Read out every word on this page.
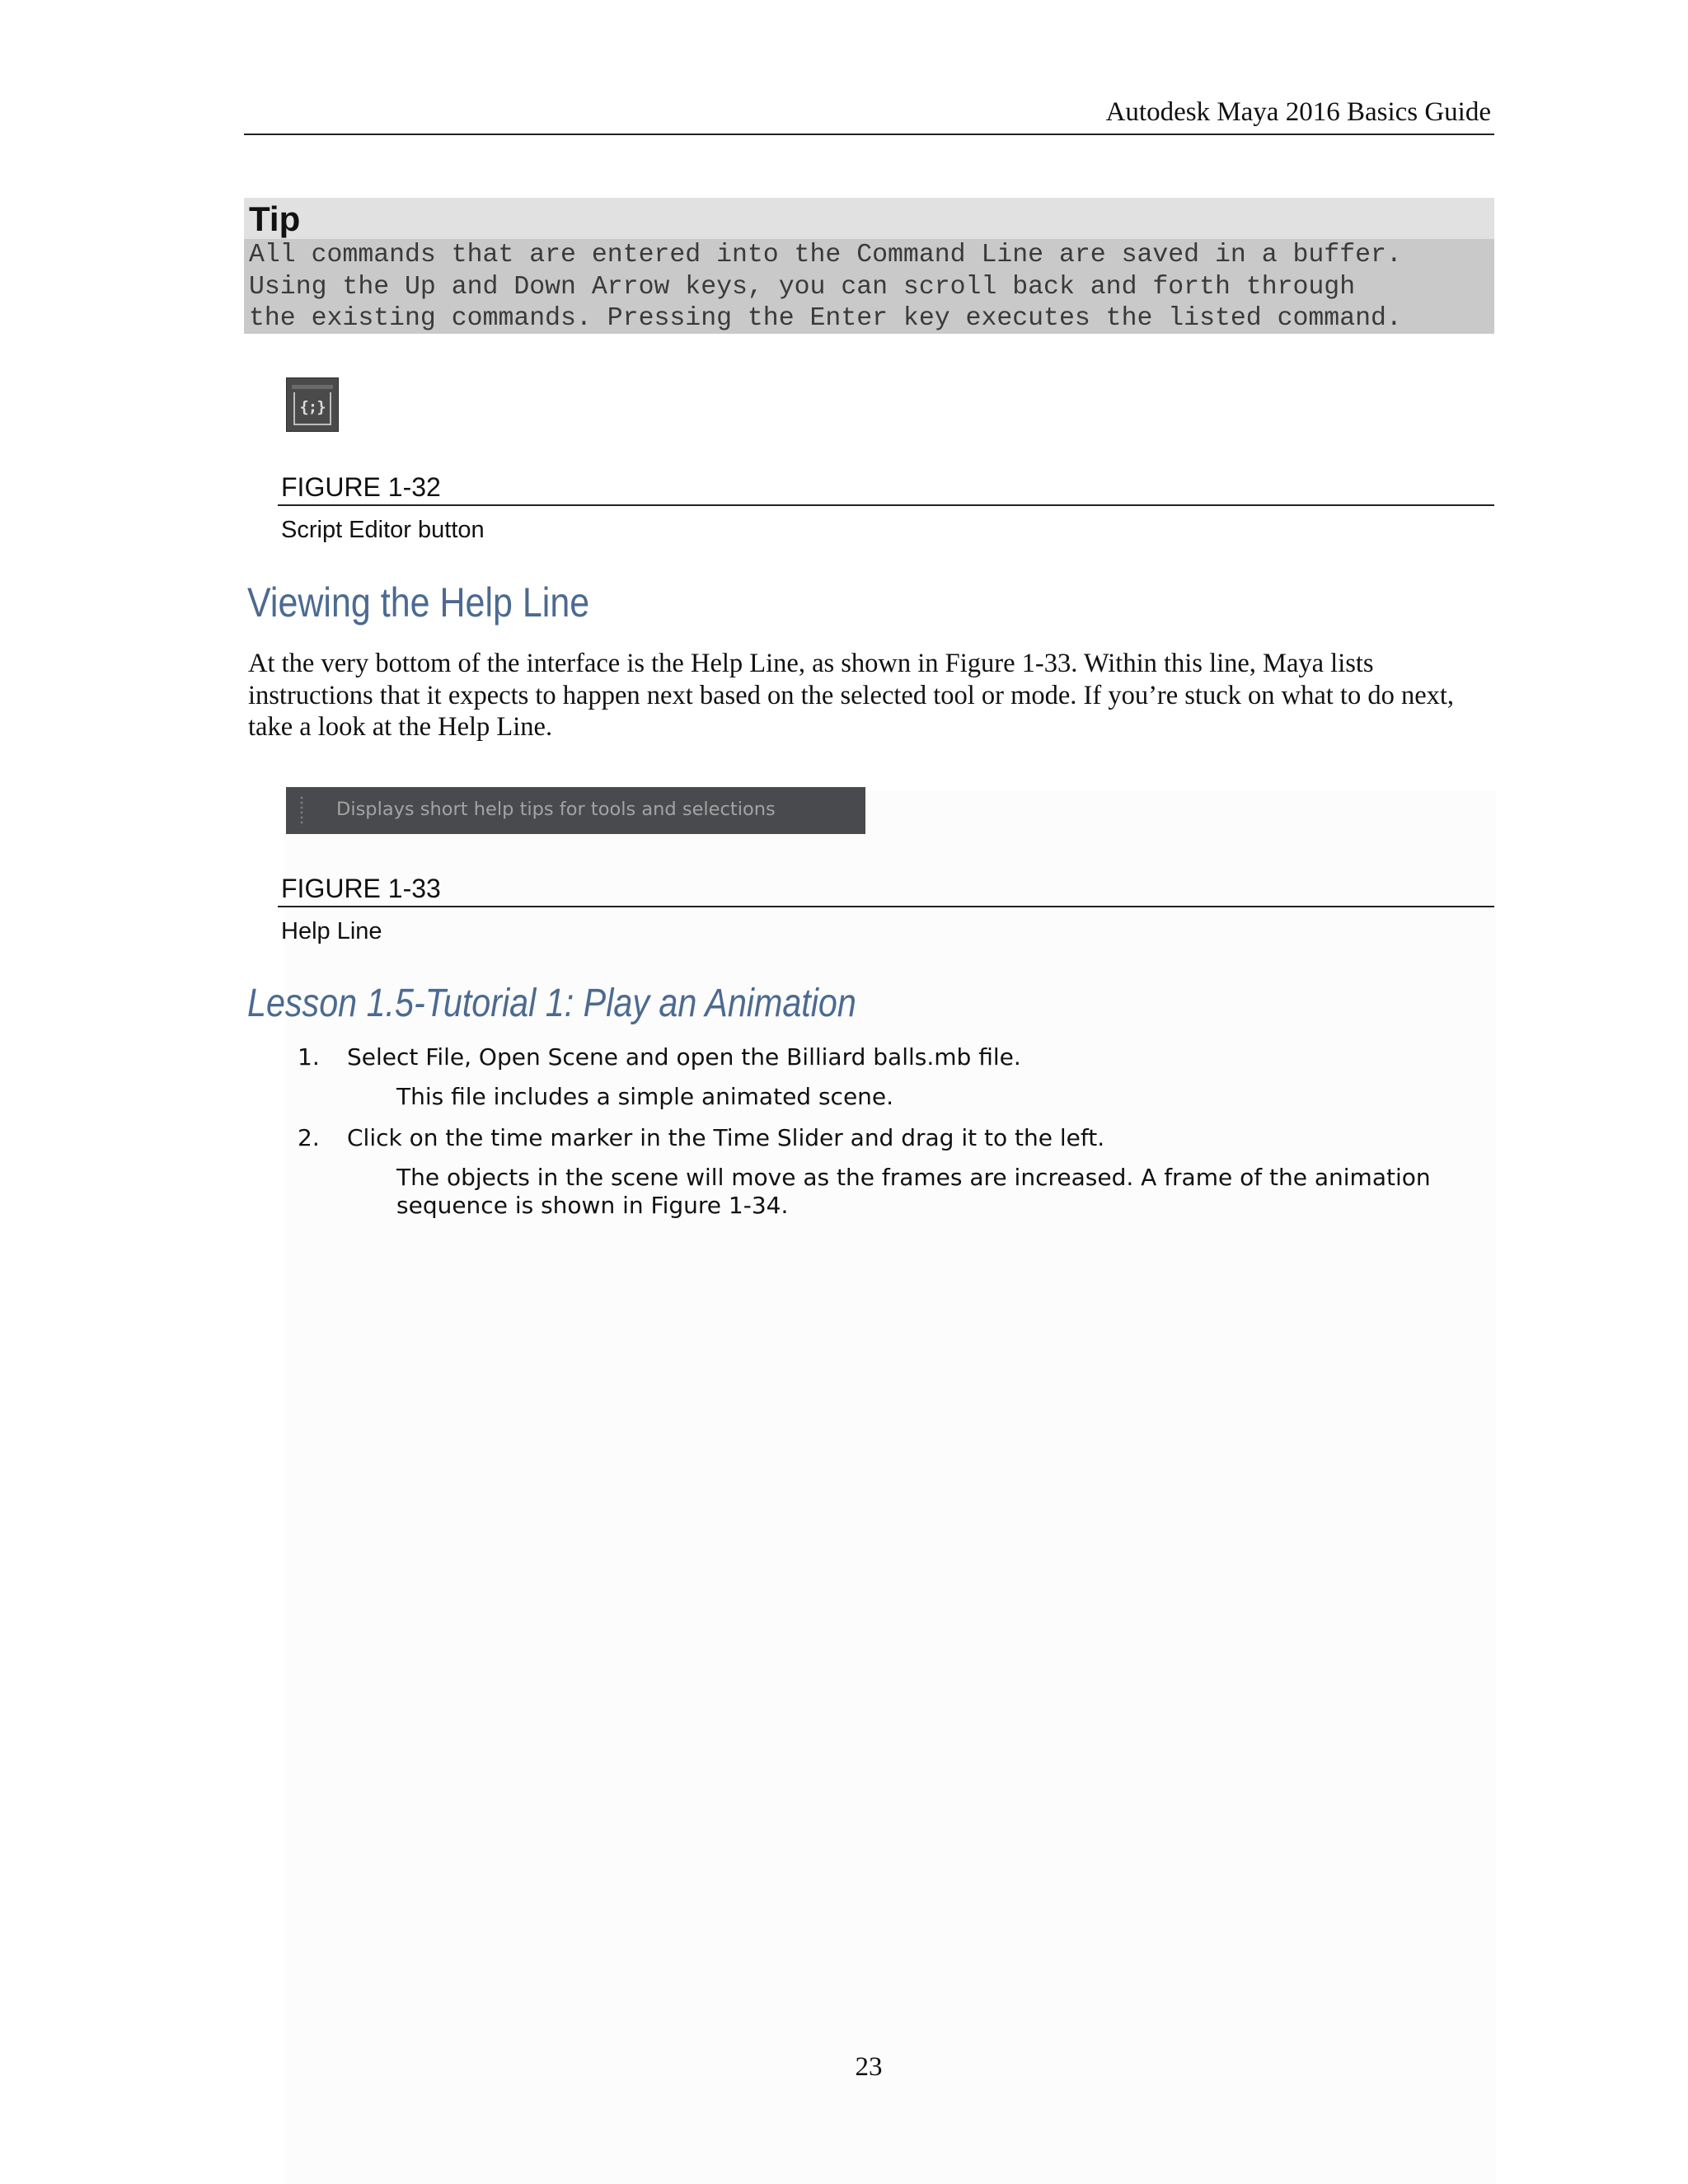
Autodesk Maya 2016 Basics Guide
Tip
All commands that are entered into the Command Line are saved in a buffer.
Using the Up and Down Arrow keys, you can scroll back and forth through
the existing commands. Pressing the Enter key executes the listed command.
{;}
FIGURE 1-32
Script Editor button
Viewing the Help Line
At the very bottom of the interface is the Help Line, as shown in Figure 1-33. Within this line, Maya lists instructions that it expects to happen next based on the selected tool or mode. If you’re stuck on what to do next, take a look at the Help Line.
Displays short help tips for tools and selections
FIGURE 1-33
Help Line
Lesson 1.5-Tutorial 1: Play an Animation
1. Select File, Open Scene and open the Billiard balls.mb file.
This file includes a simple animated scene.
2. Click on the time marker in the Time Slider and drag it to the left.
The objects in the scene will move as the frames are increased. A frame of the animation sequence is shown in Figure 1-34.
23
